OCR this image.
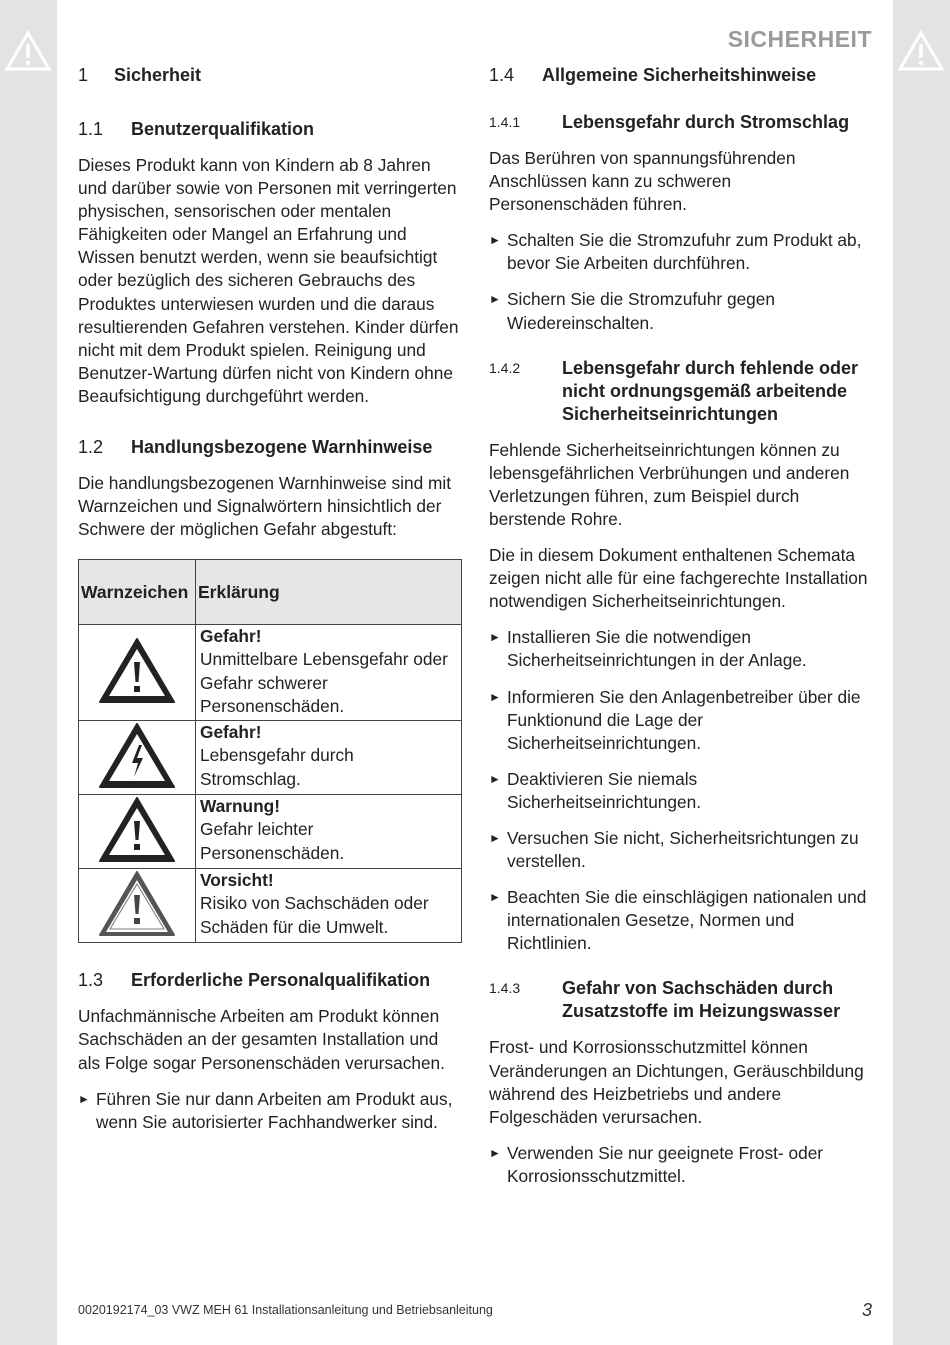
SICHERHEIT
1	Sicherheit
1.1	Benutzerqualifikation

Dieses Produkt kann von Kindern ab 8 Jahren und darüber sowie von Personen mit verringerten physischen, sensorischen oder mentalen Fähigkeiten oder Mangel an Erfahrung und Wissen benutzt werden, wenn sie beaufsichtigt oder bezüglich des sicheren Gebrauchs des Produktes unterwiesen wurden und die daraus resultierenden Gefahren verstehen. Kinder dürfen nicht mit dem Produkt spielen. Reinigung und Benutzer-Wartung dürfen nicht von Kindern ohne Beaufsichtigung durchgeführt werden.

1.2	Handlungsbezogene Warnhinweise

Die handlungsbezogenen Warnhinweise sind mit Warnzeichen und Signalwörtern hinsichtlich der Schwere der möglichen Gefahr abgestuft:

Warnzeichen	Erklärung

Gefahr!
Unmittelbare Lebensgefahr oder Gefahr schwerer Personenschäden.

Gefahr!
Lebensgefahr durch Stromschlag.

Warnung!
Gefahr leichter Personenschäden.

Vorsicht!
Risiko von Sachschäden oder Schäden für die Umwelt.
1.3	Erforderliche Personalqualifikation

Unfachmännische Arbeiten am Produkt können Sachschäden an der gesamten Installation und als Folge sogar Personenschäden verursachen.

► Führen Sie nur dann Arbeiten am Produkt aus, wenn Sie autorisierter Fachhandwerker sind.
1.4	Allgemeine Sicherheitshinweise
1.4.1	Lebensgefahr durch Stromschlag

Das Berühren von spannungsführenden Anschlüssen kann zu schweren Personenschäden führen.

► Schalten Sie die Stromzufuhr zum Produkt ab, bevor Sie Arbeiten durchführen.
► Sichern Sie die Stromzufuhr gegen Wiedereinschalten.
1.4.2	Lebensgefahr durch fehlende oder nicht ordnungsgemäß arbeitende Sicherheitseinrichtungen

Fehlende Sicherheitseinrichtungen können zu lebensgefährlichen Verbrühungen und anderen Verletzungen führen, zum Beispiel durch berstende Rohre.

Die in diesem Dokument enthaltenen Schemata zeigen nicht alle für eine fachgerechte Installation notwendigen Sicherheitseinrichtungen.

► Installieren Sie die notwendigen Sicherheitseinrichtungen in der Anlage.
► Informieren Sie den Anlagenbetreiber über die Funktionund die Lage der Sicherheitseinrichtungen.
► Deaktivieren Sie niemals Sicherheitseinrichtungen.
► Versuchen Sie nicht, Sicherheitsrichtungen zu verstellen.
► Beachten Sie die einschlägigen nationalen und internationalen Gesetze, Normen und Richtlinien.
1.4.3	Gefahr von Sachschäden durch Zusatzstoffe im Heizungswasser

Frost- und Korrosionsschutzmittel können Veränderungen an Dichtungen, Geräuschbildung während des Heizbetriebs und andere Folgeschäden verursachen.

► Verwenden Sie nur geeignete Frost- oder Korrosionsschutzmittel.
0020192174_03 VWZ MEH 61 Installationsanleitung und Betriebsanleitung	3
